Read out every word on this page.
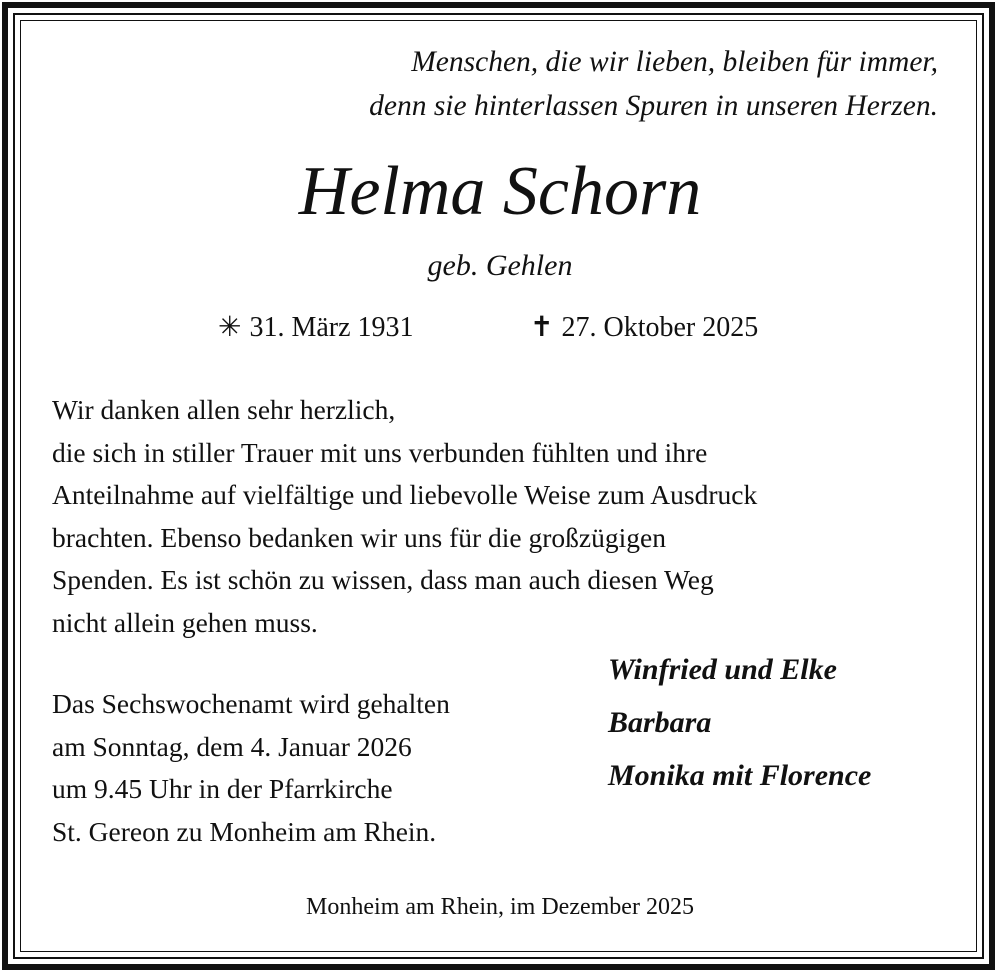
Menschen, die wir lieben, bleiben für immer,
denn sie hinterlassen Spuren in unseren Herzen.
Helma Schorn
geb. Gehlen
✳ 31. März 1931	✝ 27. Oktober 2025
Wir danken allen sehr herzlich,
die sich in stiller Trauer mit uns verbunden fühlten und ihre
Anteilnahme auf vielfältige und liebevolle Weise zum Ausdruck
brachten. Ebenso bedanken wir uns für die großzügigen
Spenden. Es ist schön zu wissen, dass man auch diesen Weg
nicht allein gehen muss.
Winfried und Elke
Barbara
Monika mit Florence
Das Sechswochenamt wird gehalten
am Sonntag, dem 4. Januar 2026
um 9.45 Uhr in der Pfarrkirche
St. Gereon zu Monheim am Rhein.
Monheim am Rhein, im Dezember 2025
